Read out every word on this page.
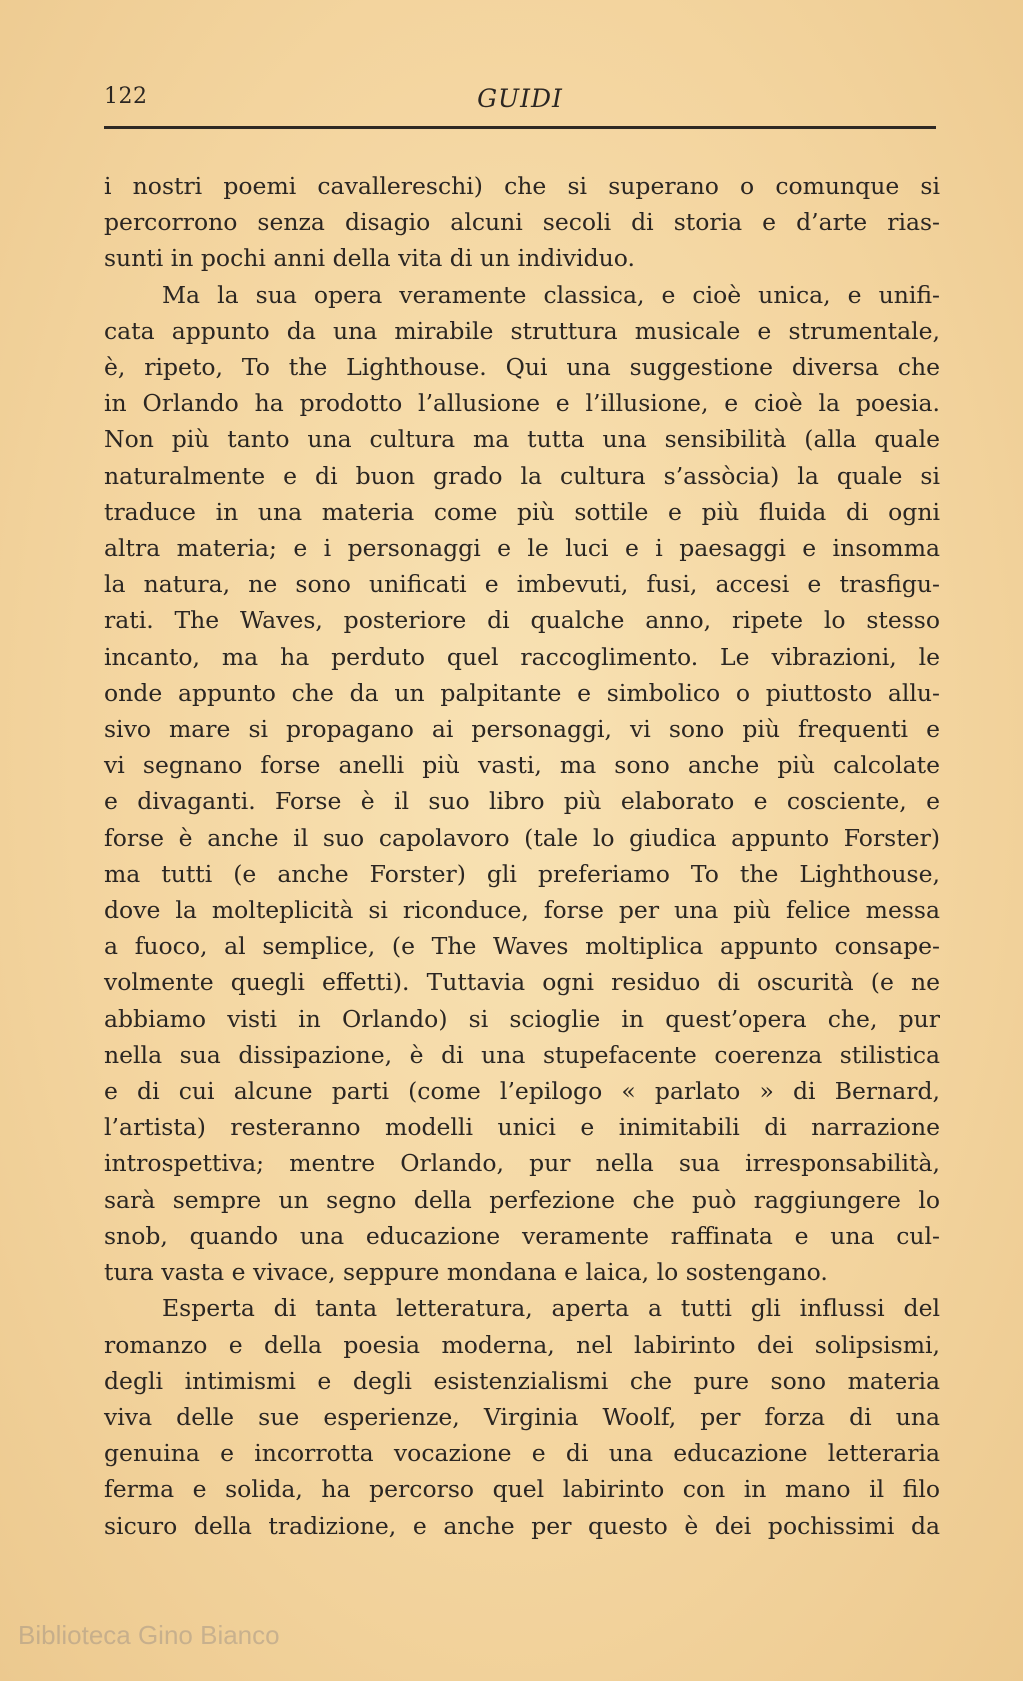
122	GUIDI
i nostri poemi cavallereschi) che si superano o comunque si
percorrono senza disagio alcuni secoli di storia e d’arte rias-
sunti in pochi anni della vita di un individuo.
Ma la sua opera veramente classica, e cioè unica, e unifi-
cata appunto da una mirabile struttura musicale e strumentale,
è, ripeto, To the Lighthouse. Qui una suggestione diversa che
in Orlando ha prodotto l’allusione e l’illusione, e cioè la poesia.
Non più tanto una cultura ma tutta una sensibilità (alla quale
naturalmente e di buon grado la cultura s’assòcia) la quale si
traduce in una materia come più sottile e più fluida di ogni
altra materia; e i personaggi e le luci e i paesaggi e insomma
la natura, ne sono unificati e imbevuti, fusi, accesi e trasfigu-
rati. The Waves, posteriore di qualche anno, ripete lo stesso
incanto, ma ha perduto quel raccoglimento. Le vibrazioni, le
onde appunto che da un palpitante e simbolico o piuttosto allu-
sivo mare si propagano ai personaggi, vi sono più frequenti e
vi segnano forse anelli più vasti, ma sono anche più calcolate
e divaganti. Forse è il suo libro più elaborato e cosciente, e
forse è anche il suo capolavoro (tale lo giudica appunto Forster)
ma tutti (e anche Forster) gli preferiamo To the Lighthouse,
dove la molteplicità si riconduce, forse per una più felice messa
a fuoco, al semplice, (e The Waves moltiplica appunto consape-
volmente quegli effetti). Tuttavia ogni residuo di oscurità (e ne
abbiamo visti in Orlando) si scioglie in quest’opera che, pur
nella sua dissipazione, è di una stupefacente coerenza stilistica
e di cui alcune parti (come l’epilogo « parlato » di Bernard,
l’artista) resteranno modelli unici e inimitabili di narrazione
introspettiva; mentre Orlando, pur nella sua irresponsabilità,
sarà sempre un segno della perfezione che può raggiungere lo
snob, quando una educazione veramente raffinata e una cul-
tura vasta e vivace, seppure mondana e laica, lo sostengano.
Esperta di tanta letteratura, aperta a tutti gli influssi del
romanzo e della poesia moderna, nel labirinto dei solipsismi,
degli intimismi e degli esistenzialismi che pure sono materia
viva delle sue esperienze, Virginia Woolf, per forza di una
genuina e incorrotta vocazione e di una educazione letteraria
ferma e solida, ha percorso quel labirinto con in mano il filo
sicuro della tradizione, e anche per questo è dei pochissimi da
Biblioteca Gino Bianco
